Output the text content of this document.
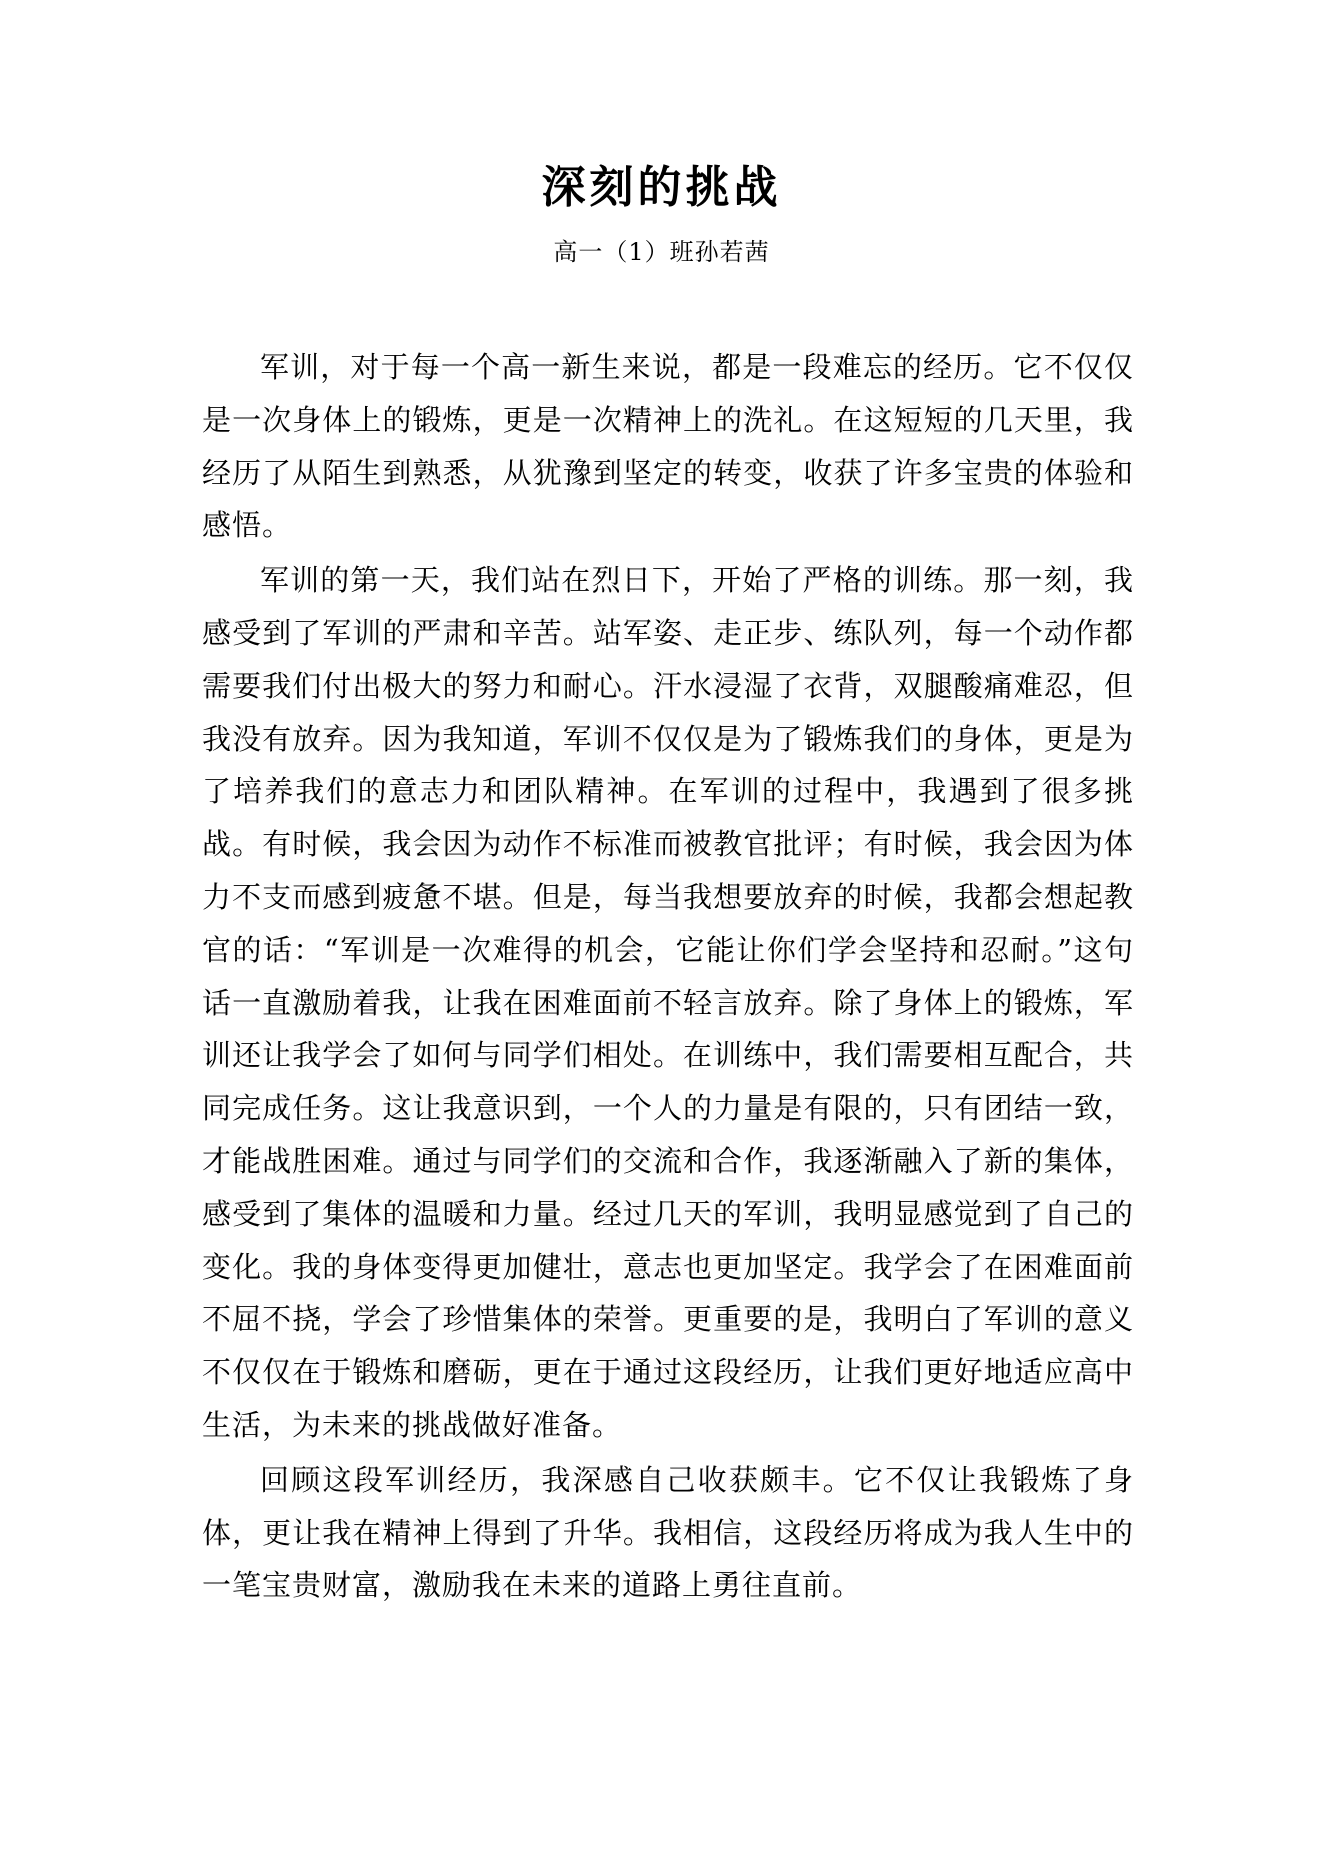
深刻的挑战
高一（1）班孙若茜

军训，对于每一个高一新生来说，都是一段难忘的经历。它不仅仅是一次身体上的锻炼，更是一次精神上的洗礼。在这短短的几天里，我经历了从陌生到熟悉，从犹豫到坚定的转变，收获了许多宝贵的体验和感悟。

军训的第一天，我们站在烈日下，开始了严格的训练。那一刻，我感受到了军训的严肃和辛苦。站军姿、走正步、练队列，每一个动作都需要我们付出极大的努力和耐心。汗水浸湿了衣背，双腿酸痛难忍，但我没有放弃。因为我知道，军训不仅仅是为了锻炼我们的身体，更是为了培养我们的意志力和团队精神。在军训的过程中，我遇到了很多挑战。有时候，我会因为动作不标准而被教官批评；有时候，我会因为体力不支而感到疲惫不堪。但是，每当我想要放弃的时候，我都会想起教官的话：“军训是一次难得的机会，它能让你们学会坚持和忍耐。”这句话一直激励着我，让我在困难面前不轻言放弃。除了身体上的锻炼，军训还让我学会了如何与同学们相处。在训练中，我们需要相互配合，共同完成任务。这让我意识到，一个人的力量是有限的，只有团结一致，才能战胜困难。通过与同学们的交流和合作，我逐渐融入了新的集体，感受到了集体的温暖和力量。经过几天的军训，我明显感觉到了自己的变化。我的身体变得更加健壮，意志也更加坚定。我学会了在困难面前不屈不挠，学会了珍惜集体的荣誉。更重要的是，我明白了军训的意义不仅仅在于锻炼和磨砺，更在于通过这段经历，让我们更好地适应高中生活，为未来的挑战做好准备。

回顾这段军训经历，我深感自己收获颇丰。它不仅让我锻炼了身体，更让我在精神上得到了升华。我相信，这段经历将成为我人生中的一笔宝贵财富，激励我在未来的道路上勇往直前。
